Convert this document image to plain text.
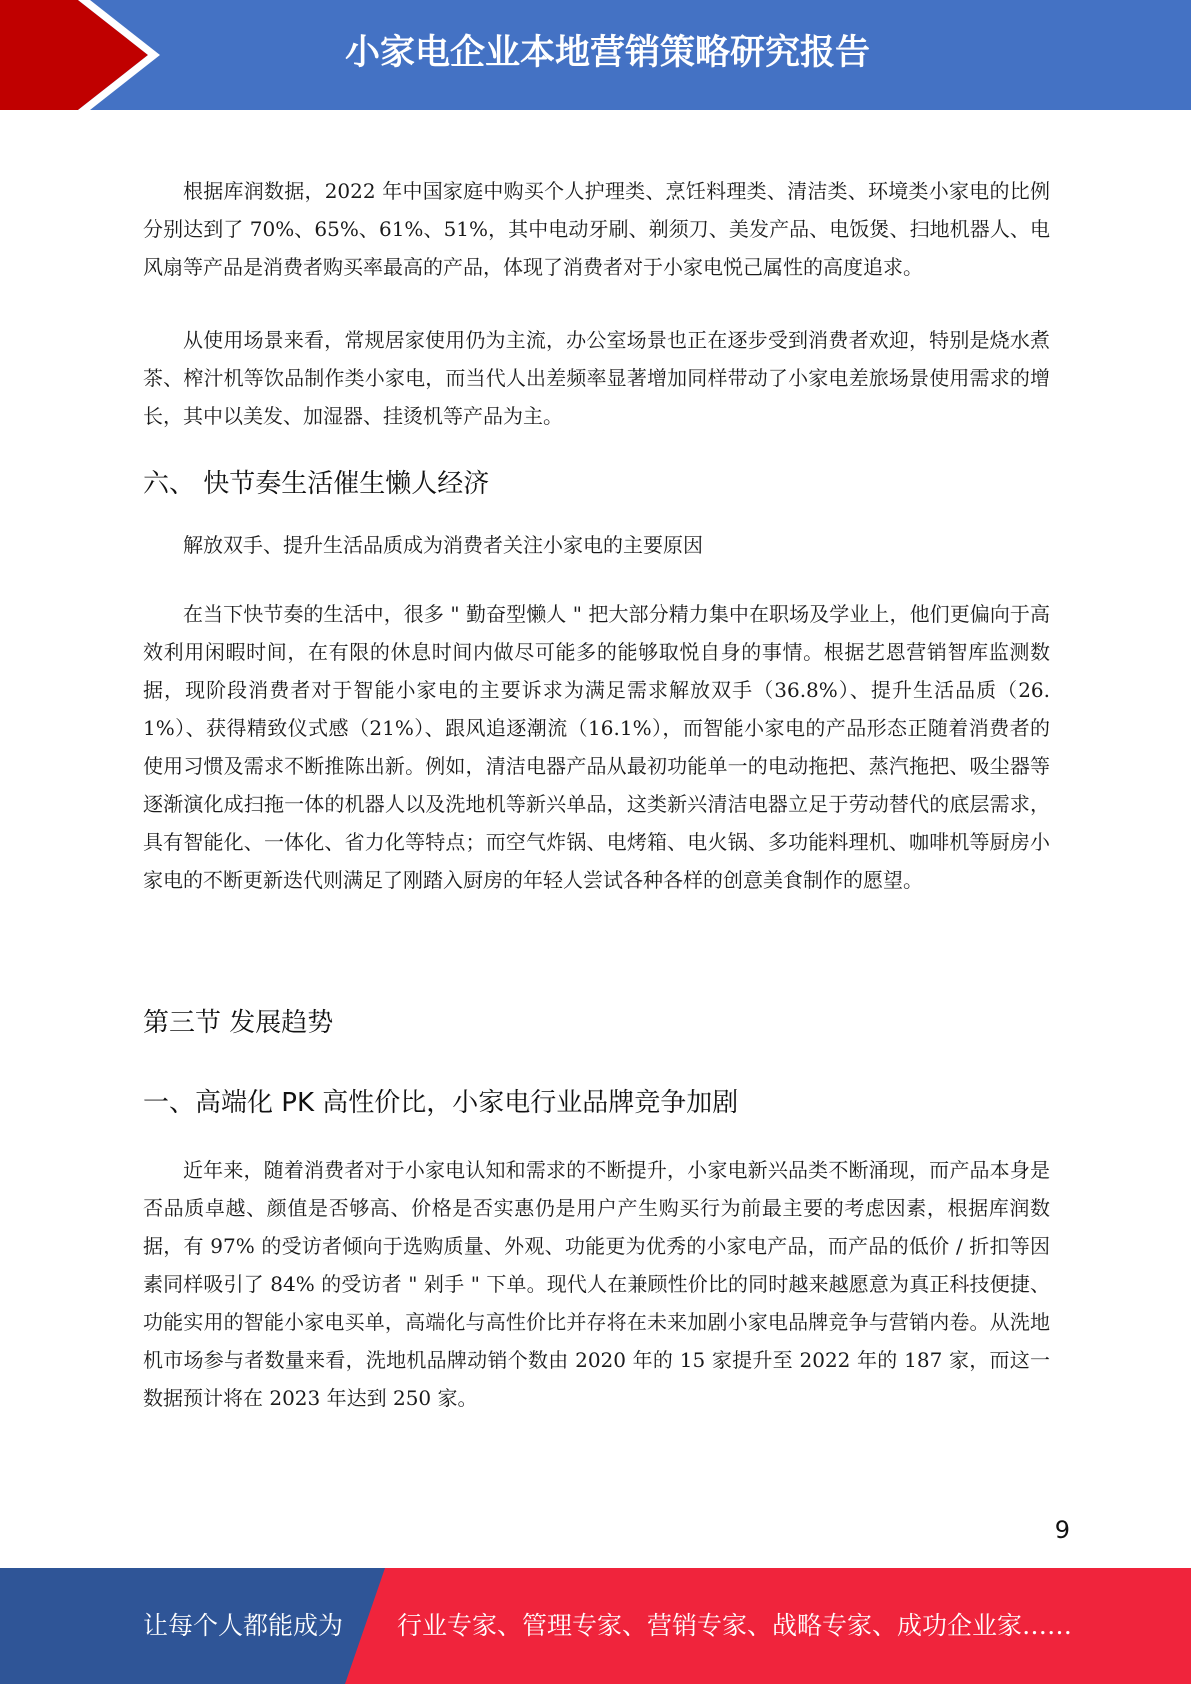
小家电企业本地营销策略研究报告

根据库润数据，2022 年中国家庭中购买个人护理类、烹饪料理类、清洁类、环境类小家电的比例分别达到了 70%、65%、61%、51%，其中电动牙刷、剃须刀、美发产品、电饭煲、扫地机器人、电风扇等产品是消费者购买率最高的产品，体现了消费者对于小家电悦己属性的高度追求。

从使用场景来看，常规居家使用仍为主流，办公室场景也正在逐步受到消费者欢迎，特别是烧水煮茶、榨汁机等饮品制作类小家电，而当代人出差频率显著增加同样带动了小家电差旅场景使用需求的增长，其中以美发、加湿器、挂烫机等产品为主。

六、 快节奏生活催生懒人经济

解放双手、提升生活品质成为消费者关注小家电的主要原因

在当下快节奏的生活中，很多 " 勤奋型懒人 " 把大部分精力集中在职场及学业上，他们更偏向于高效利用闲暇时间，在有限的休息时间内做尽可能多的能够取悦自身的事情。根据艺恩营销智库监测数据，现阶段消费者对于智能小家电的主要诉求为满足需求解放双手（36.8%）、提升生活品质（26.1%）、获得精致仪式感（21%）、跟风追逐潮流（16.1%），而智能小家电的产品形态正随着消费者的使用习惯及需求不断推陈出新。例如，清洁电器产品从最初功能单一的电动拖把、蒸汽拖把、吸尘器等逐渐演化成扫拖一体的机器人以及洗地机等新兴单品，这类新兴清洁电器立足于劳动替代的底层需求，具有智能化、一体化、省力化等特点；而空气炸锅、电烤箱、电火锅、多功能料理机、咖啡机等厨房小家电的不断更新迭代则满足了刚踏入厨房的年轻人尝试各种各样的创意美食制作的愿望。

第三节 发展趋势
一、高端化 PK 高性价比，小家电行业品牌竞争加剧

近年来，随着消费者对于小家电认知和需求的不断提升，小家电新兴品类不断涌现，而产品本身是否品质卓越、颜值是否够高、价格是否实惠仍是用户产生购买行为前最主要的考虑因素，根据库润数据，有 97% 的受访者倾向于选购质量、外观、功能更为优秀的小家电产品，而产品的低价 / 折扣等因素同样吸引了 84% 的受访者 " 剁手 " 下单。现代人在兼顾性价比的同时越来越愿意为真正科技便捷、功能实用的智能小家电买单，高端化与高性价比并存将在未来加剧小家电品牌竞争与营销内卷。从洗地机市场参与者数量来看，洗地机品牌动销个数由 2020 年的 15 家提升至 2022 年的 187 家，而这一数据预计将在 2023 年达到 250 家。

9
让每个人都能成为 行业专家、管理专家、营销专家、战略专家、成功企业家……
